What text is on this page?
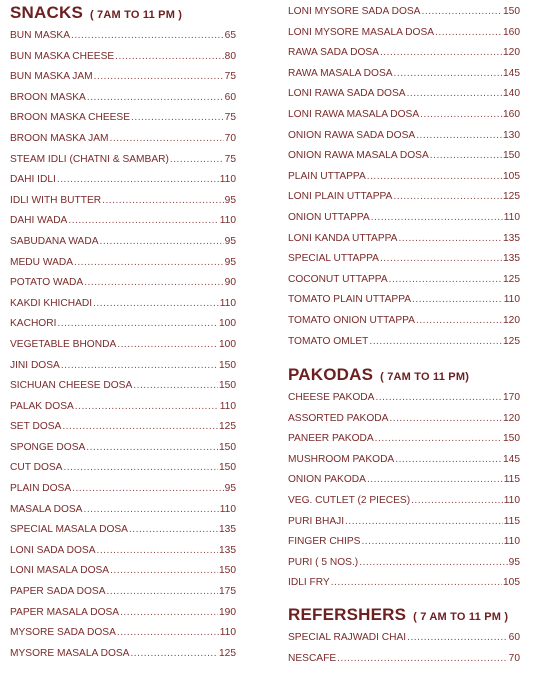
SNACKS ( 7AM TO 11 PM )
BUN MASKA .....	65
BUN MASKA CHEESE .....	80
BUN MASKA JAM .....	75
BROON MASKA .....	60
BROON MASKA CHEESE .....	75
BROON MASKA JAM .....	70
STEAM IDLI (CHATNI & SAMBAR) .....	75
DAHI IDLI .....	110
IDLI WITH BUTTER .....	95
DAHI WADA .....	110
SABUDANA WADA .....	95
MEDU WADA .....	95
POTATO WADA .....	90
KAKDI KHICHADI .....	110
KACHORI .....	100
VEGETABLE BHONDA .....	100
JINI DOSA .....	150
SICHUAN CHEESE DOSA .....	150
PALAK DOSA .....	110
SET DOSA .....	125
SPONGE DOSA .....	150
CUT DOSA .....	150
PLAIN DOSA .....	95
MASALA DOSA .....	110
SPECIAL MASALA DOSA .....	135
LONI SADA DOSA .....	135
LONI MASALA DOSA .....	150
PAPER SADA DOSA .....	175
PAPER MASALA DOSA .....	190
MYSORE SADA DOSA .....	110
MYSORE MASALA DOSA .....	125
LONI MYSORE SADA DOSA .....	150
LONI MYSORE MASALA DOSA .....	160
RAWA SADA DOSA .....	120
RAWA MASALA DOSA .....	145
LONI RAWA SADA DOSA .....	140
LONI RAWA MASALA DOSA .....	160
ONION RAWA SADA DOSA .....	130
ONION RAWA MASALA DOSA .....	150
PLAIN UTTAPPA .....	105
LONI PLAIN UTTAPPA .....	125
ONION UTTAPPA .....	110
LONI KANDA UTTAPPA .....	135
SPECIAL UTTAPPA .....	135
COCONUT UTTAPPA .....	125
TOMATO PLAIN UTTAPPA .....	110
TOMATO ONION UTTAPPA .....	120
TOMATO OMLET .....	125
PAKODAS ( 7AM TO 11 PM)
CHEESE PAKODA .....	170
ASSORTED PAKODA .....	120
PANEER PAKODA .....	150
MUSHROOM PAKODA .....	145
ONION PAKODA .....	115
VEG. CUTLET (2 PIECES) .....	110
PURI BHAJI .....	115
FINGER CHIPS .....	110
PURI ( 5 NOS.) .....	95
IDLI FRY .....	105
REFERSHERS ( 7 AM TO 11 PM )
SPECIAL RAJWADI CHAI .....	60
NESCAFE .....	70
